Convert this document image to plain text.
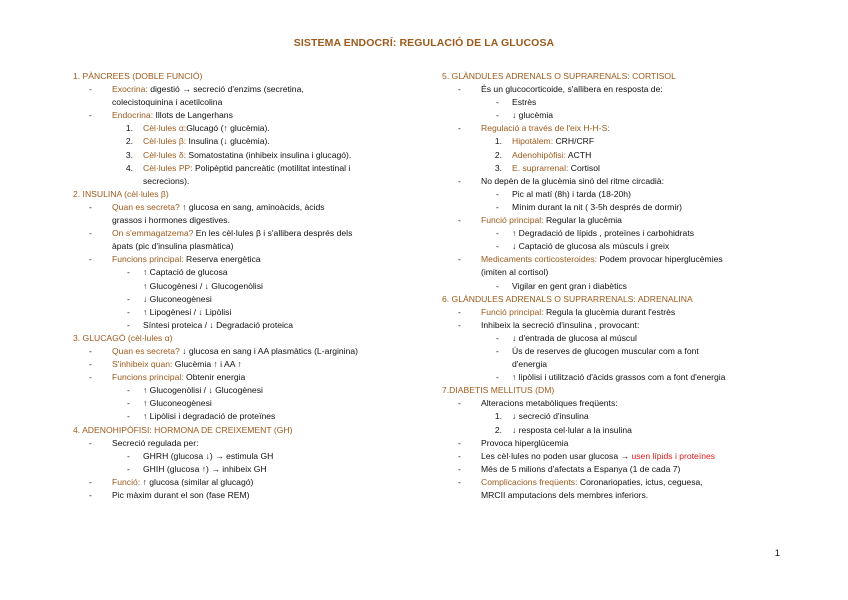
SISTEMA ENDOCRÍ: REGULACIÓ DE LA GLUCOSA
1. PÀNCREES (DOBLE FUNCIÓ)
- Exocrina: digestió → secreció d'enzims (secretina,
colecistoquinina i acetilcolina
- Endocrina: Illots de Langerhans
1. Cèl·lules α:Glucagó (↑ glucèmia).
2. Cèl·lules β: Insulina (↓ glucèmia).
3. Cèl·lules δ: Somatostatina (inhibeix insulina i glucagó).
4. Cèl·lules PP: Polipèptid pancreàtic (motilitat intestinal i
secrecions).
2. INSULINA (cèl·lules β)
- Quan es secreta? ↑ glucosa en sang, aminoàcids, àcids
grassos i hormones digestives.
- On s'emmagatzema? En les cèl·lules β i s'allibera després dels
àpats (pic d'insulina plasmàtica)
- Funcions principal: Reserva energètica
- ↑ Captació de glucosa
↑ Glucogènesi / ↓ Glucogenòlisi
- ↓ Gluconeogènesi
- ↑ Lipogènesi / ↓ Lipòlisi
- Síntesi proteica / ↓ Degradació proteica
3. GLUCAGÓ (cèl·lules α)
- Quan es secreta? ↓ glucosa en sang i AA plasmàtics (L-arginina)
- S'inhibeix quan: Glucèmia ↑ i AA ↑
- Funcions principal: Obtenir energia
- ↑ Glucogenòlisi / ↓ Glucogènesi
- ↑ Gluconeogènesi
- ↑ Lipòlisi i degradació de proteïnes
4. ADENOHIPÒFISI: HORMONA DE CREIXEMENT (GH)
- Secreció regulada per:
- GHRH (glucosa ↓) → estimula GH
- GHIH (glucosa ↑) → inhibeix GH
- Funció: ↑ glucosa (similar al glucagó)
- Pic màxim durant el son (fase REM)
5. GLÀNDULES ADRENALS O SUPRARENALS: CORTISOL
- És un glucocorticoide, s'allibera en resposta de:
- Estrès
- ↓ glucèmia
- Regulació a través de l'eix H-H-S:
1. Hipotàlem: CRH/CRF
2. Adenohipòfisi: ACTH
3. E. suprarrenal: Cortisol
- No depèn de la glucèmia sinó del ritme circadià:
- Pic al matí (8h) i tarda (18-20h)
- Mínim durant la nit ( 3-5h després de dormir)
- Funció principal: Regular la glucèmia
- ↑ Degradació de lípids , proteïnes i carbohidrats
- ↓ Captació de glucosa als músculs i greix
- Medicaments corticosteroides: Podem provocar hiperglucèmies
(imiten al cortisol)
- Vigilar en gent gran i diabètics
6. GLÀNDULES ADRENALS O SUPRARRENALS: ADRENALINA
- Funció principal: Regula la glucèmia durant l'estrès
- Inhibeix la secreció d'insulina , provocant:
- ↓ d'entrada de glucosa al múscul
- Ús de reserves de glucogen muscular com a font
d'energia
- ↑ lipòlisi i utilització d'àcids grassos com a font d'energia
7.DIABETIS MELLITUS (DM)
- Alteracions metabòliques freqüents:
1. ↓ secreció d'insulina
2. ↓ resposta cel·lular a la insulina
- Provoca hiperglùcemia
- Les cèl·lules no poden usar glucosa → usen lípids i proteïnes
- Més de 5 milions d'afectats a Espanya (1 de cada 7)
- Complicacions freqüents: Coronariopaties, ictus, ceguesa,
MRCII amputacions dels membres inferiors.
1
